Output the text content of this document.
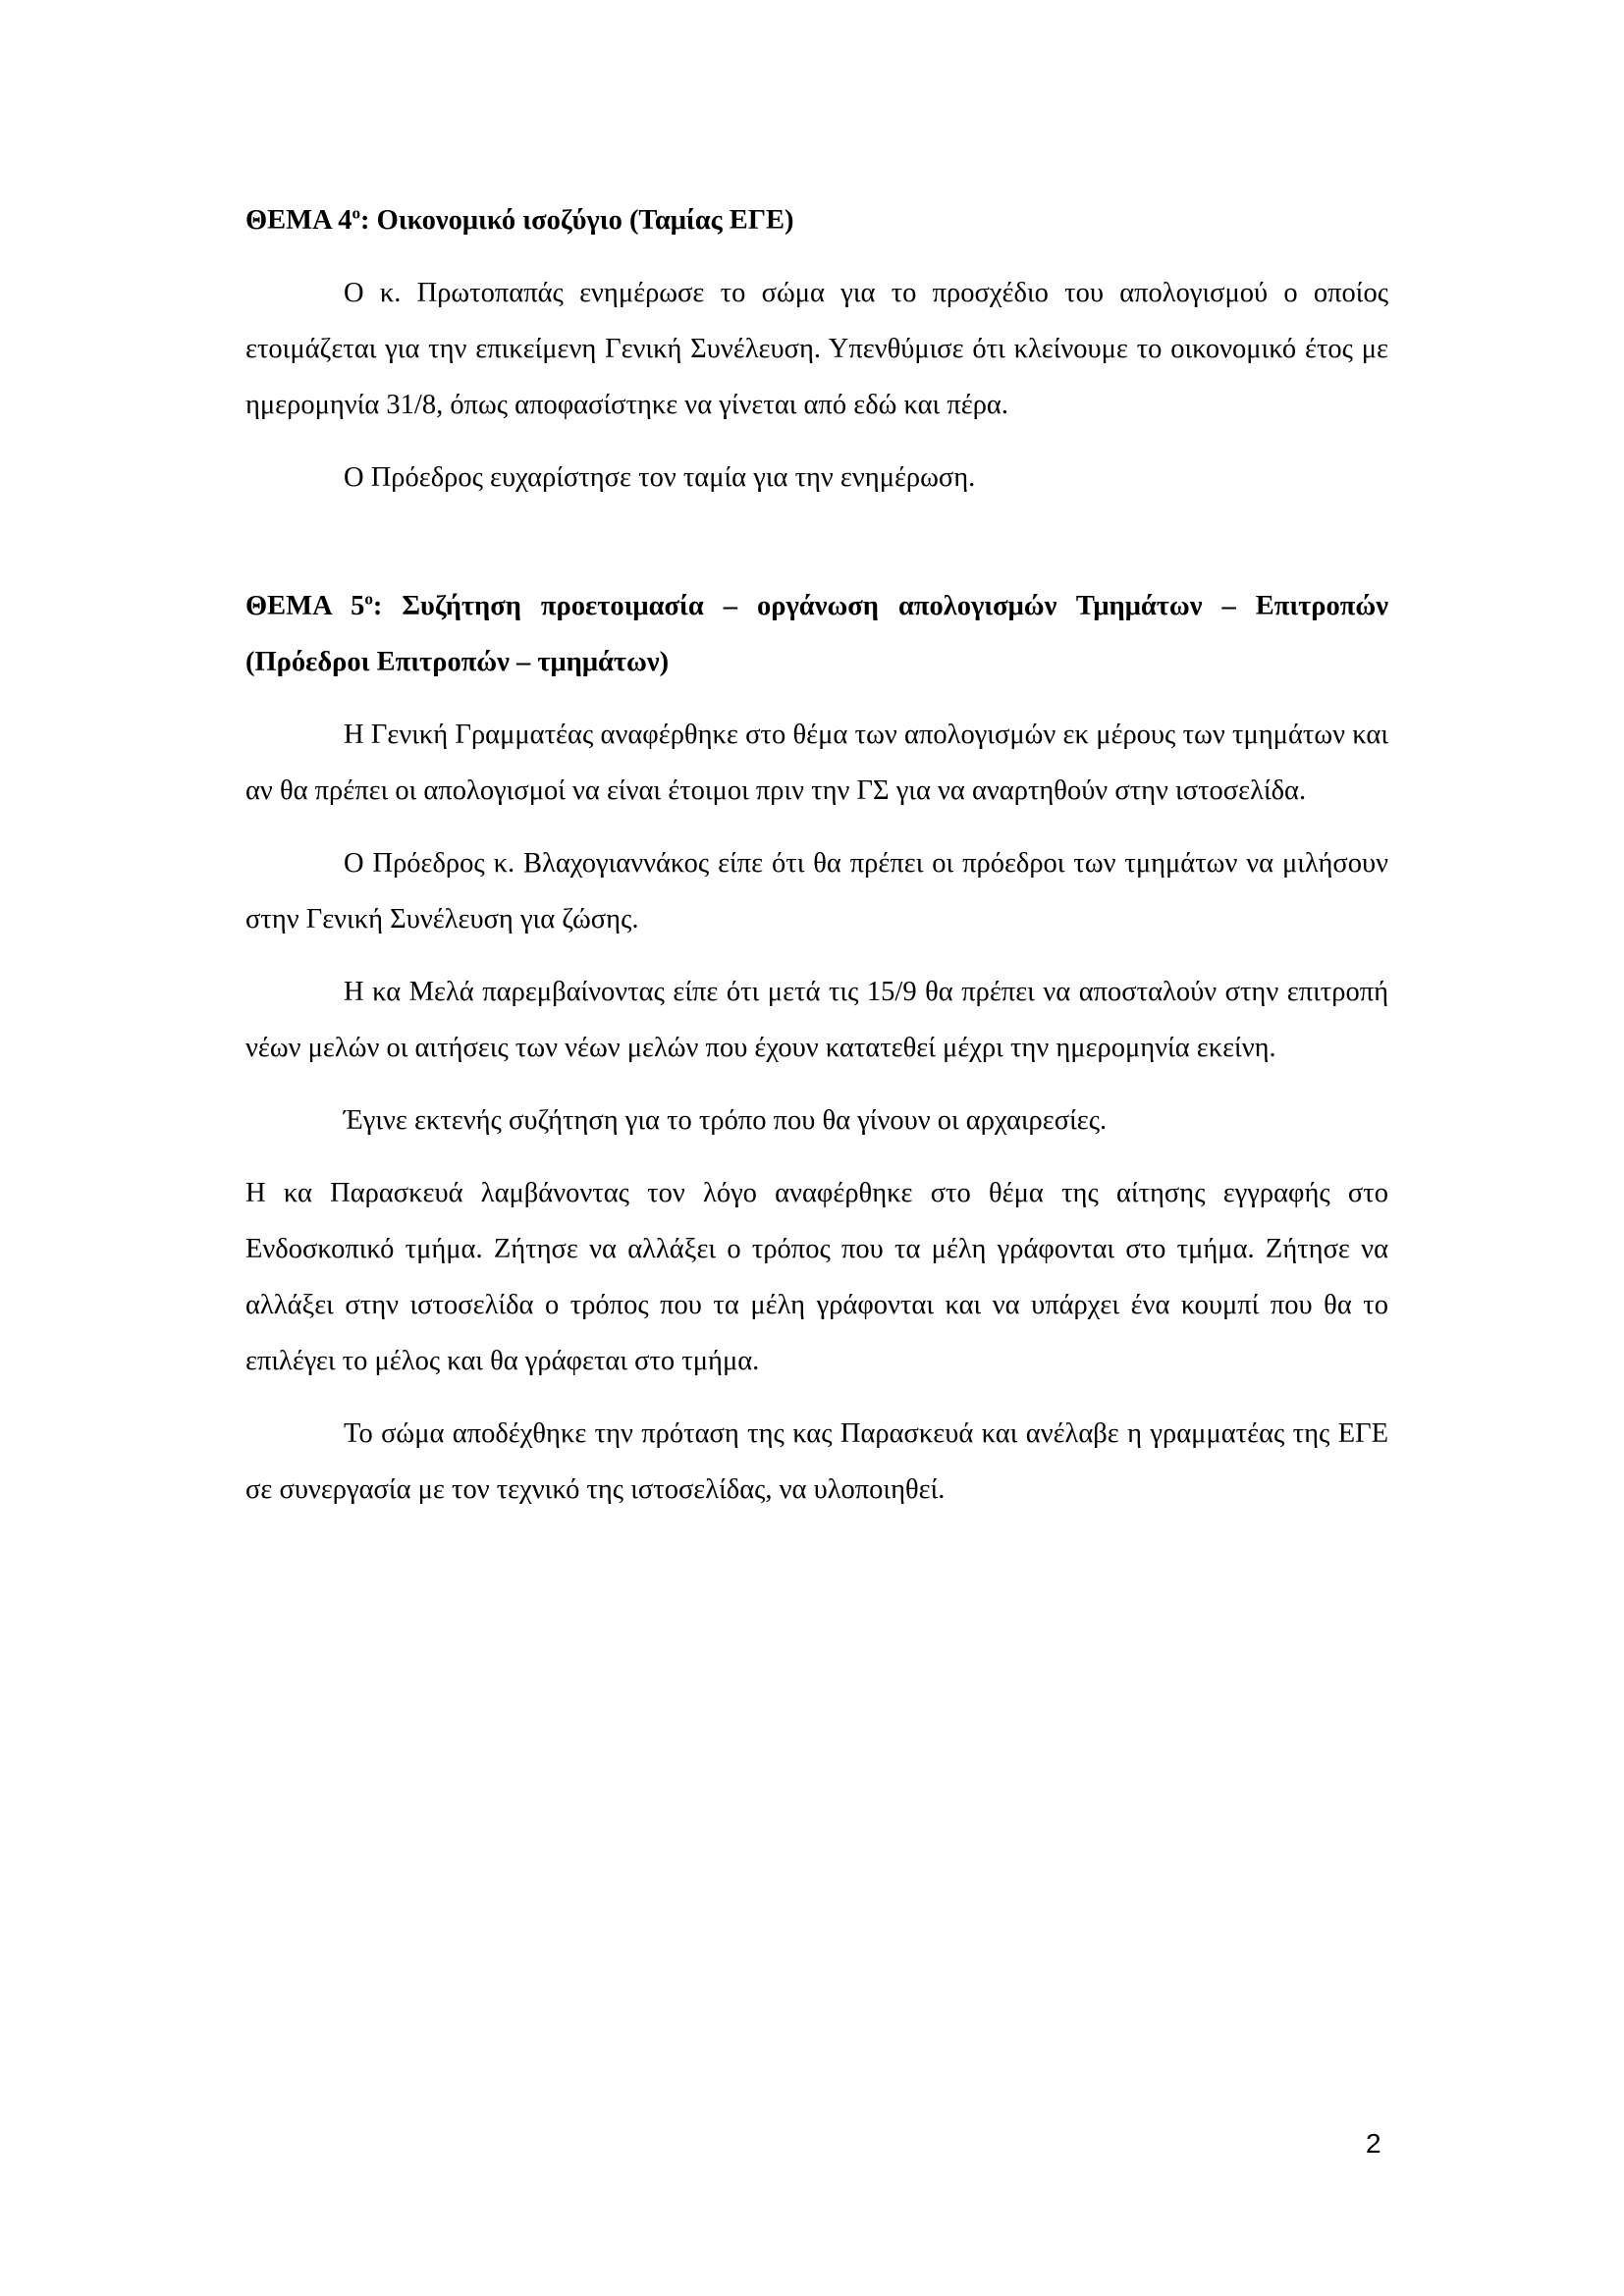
ΘΕΜΑ $4^o$: Οικονομικό ισοζύγιο (Ταμίας ΕΓΕ)

Ο κ. Πρωτοπαπάς ενημέρωσε το σώμα για το προσχέδιο του απολογισμού ο οποίος ετοιμάζεται για την επικείμενη Γενική Συνέλευση. Υπενθύμισε ότι κλείνουμε το οικονομικό έτος με ημερομηνία 31/8, όπως αποφασίστηκε να γίνεται από εδώ και πέρα.

Ο Πρόεδρος ευχαρίστησε τον ταμία για την ενημέρωση.

ΘΕΜΑ $5^o$: Συζήτηση προετοιμασία – οργάνωση απολογισμών Τμημάτων – Επιτροπών (Πρόεδροι Επιτροπών – τμημάτων)

Η Γενική Γραμματέας αναφέρθηκε στο θέμα των απολογισμών εκ μέρους των τμημάτων και αν θα πρέπει οι απολογισμοί να είναι έτοιμοι πριν την ΓΣ για να αναρτηθούν στην ιστοσελίδα.

Ο Πρόεδρος κ. Βλαχογιαννάκος είπε ότι θα πρέπει οι πρόεδροι των τμημάτων να μιλήσουν στην Γενική Συνέλευση για ζώσης.

Η κα Μελά παρεμβαίνοντας είπε ότι μετά τις 15/9 θα πρέπει να αποσταλούν στην επιτροπή νέων μελών οι αιτήσεις των νέων μελών που έχουν κατατεθεί μέχρι την ημερομηνία εκείνη.

Έγινε εκτενής συζήτηση για το τρόπο που θα γίνουν οι αρχαιρεσίες.

Η κα Παρασκευά λαμβάνοντας τον λόγο αναφέρθηκε στο θέμα της αίτησης εγγραφής στο Ενδοσκοπικό τμήμα. Ζήτησε να αλλάξει ο τρόπος που τα μέλη γράφονται στο τμήμα. Ζήτησε να αλλάξει στην ιστοσελίδα ο τρόπος που τα μέλη γράφονται και να υπάρχει ένα κουμπί που θα το επιλέγει το μέλος και θα γράφεται στο τμήμα.

Το σώμα αποδέχθηκε την πρόταση της κας Παρασκευά και ανέλαβε η γραμματέας της ΕΓΕ σε συνεργασία με τον τεχνικό της ιστοσελίδας, να υλοποιηθεί.

2
